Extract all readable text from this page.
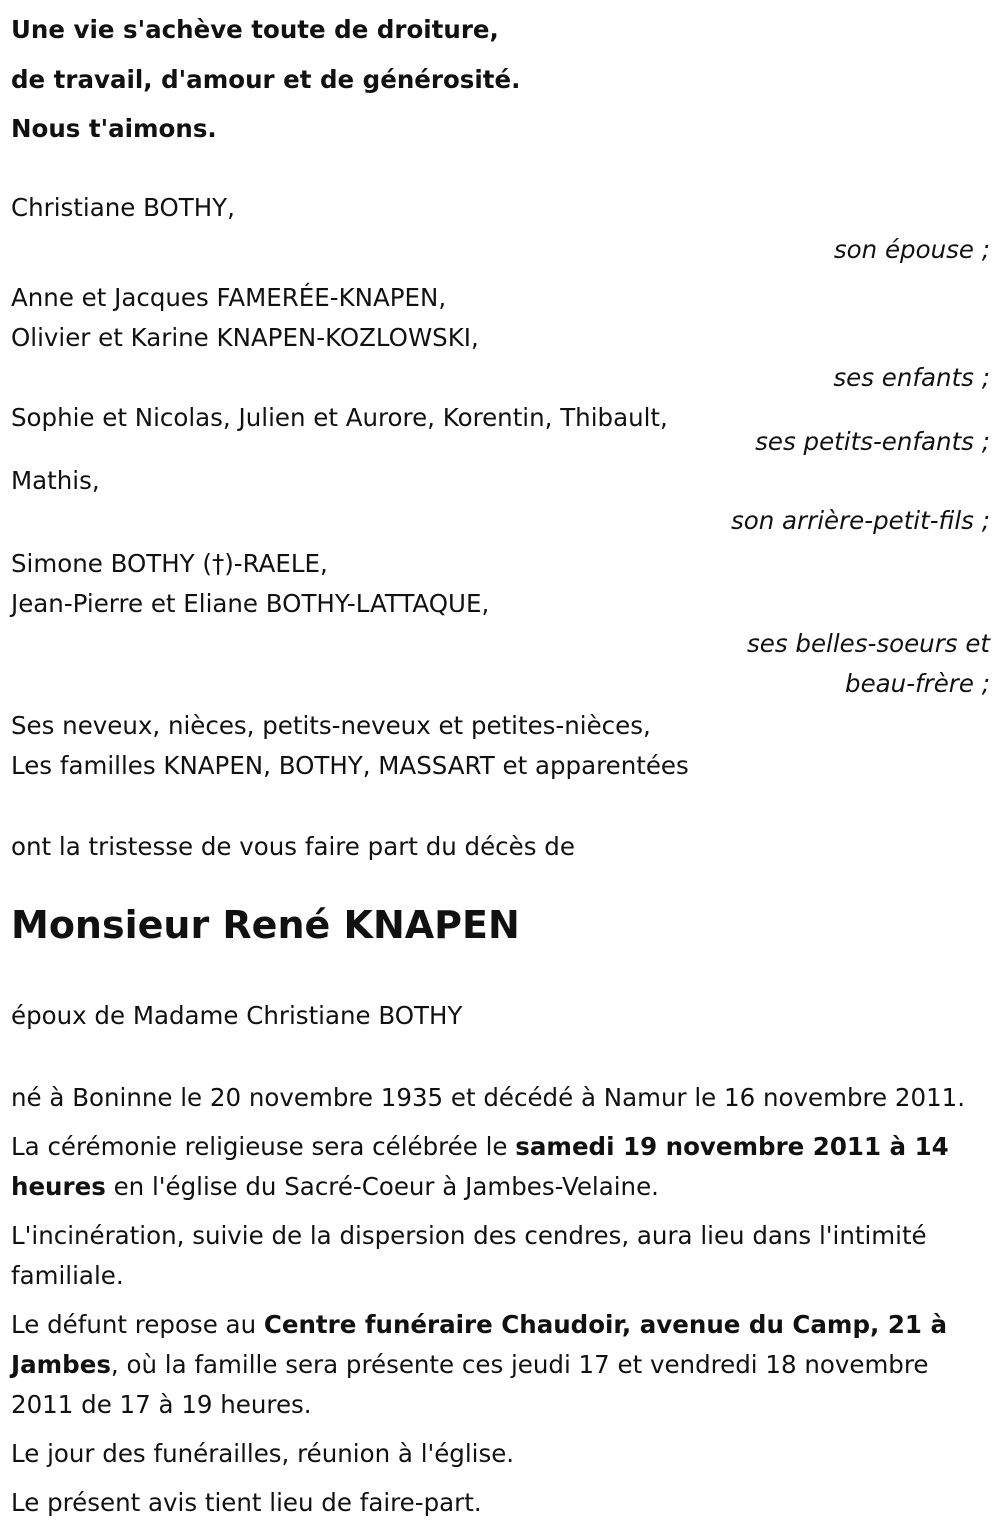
Une vie s'achève toute de droiture,

de travail, d'amour et de générosité.

Nous t'aimons.

Christiane BOTHY,

son épouse ;

Anne et Jacques FAMERÉE-KNAPEN,

Olivier et Karine KNAPEN-KOZLOWSKI,

ses enfants ;

Sophie et Nicolas, Julien et Aurore, Korentin, Thibault,

ses petits-enfants ;

Mathis,

son arrière-petit-fils ;

Simone BOTHY (†)-RAELE,

Jean-Pierre et Eliane BOTHY-LATTAQUE,

ses belles-soeurs et beau-frère ;

Ses neveux, nièces, petits-neveux et petites-nièces,

Les familles KNAPEN, BOTHY, MASSART et apparentées

ont la tristesse de vous faire part du décès de

Monsieur René KNAPEN

époux de Madame Christiane BOTHY

né à Boninne le 20 novembre 1935 et décédé à Namur le 16 novembre 2011.

La cérémonie religieuse sera célébrée le samedi 19 novembre 2011 à 14 heures en l'église du Sacré-Coeur à Jambes-Velaine.

L'incinération, suivie de la dispersion des cendres, aura lieu dans l'intimité familiale.

Le défunt repose au Centre funéraire Chaudoir, avenue du Camp, 21 à Jambes, où la famille sera présente ces jeudi 17 et vendredi 18 novembre 2011 de 17 à 19 heures.

Le jour des funérailles, réunion à l'église.

Le présent avis tient lieu de faire-part.
